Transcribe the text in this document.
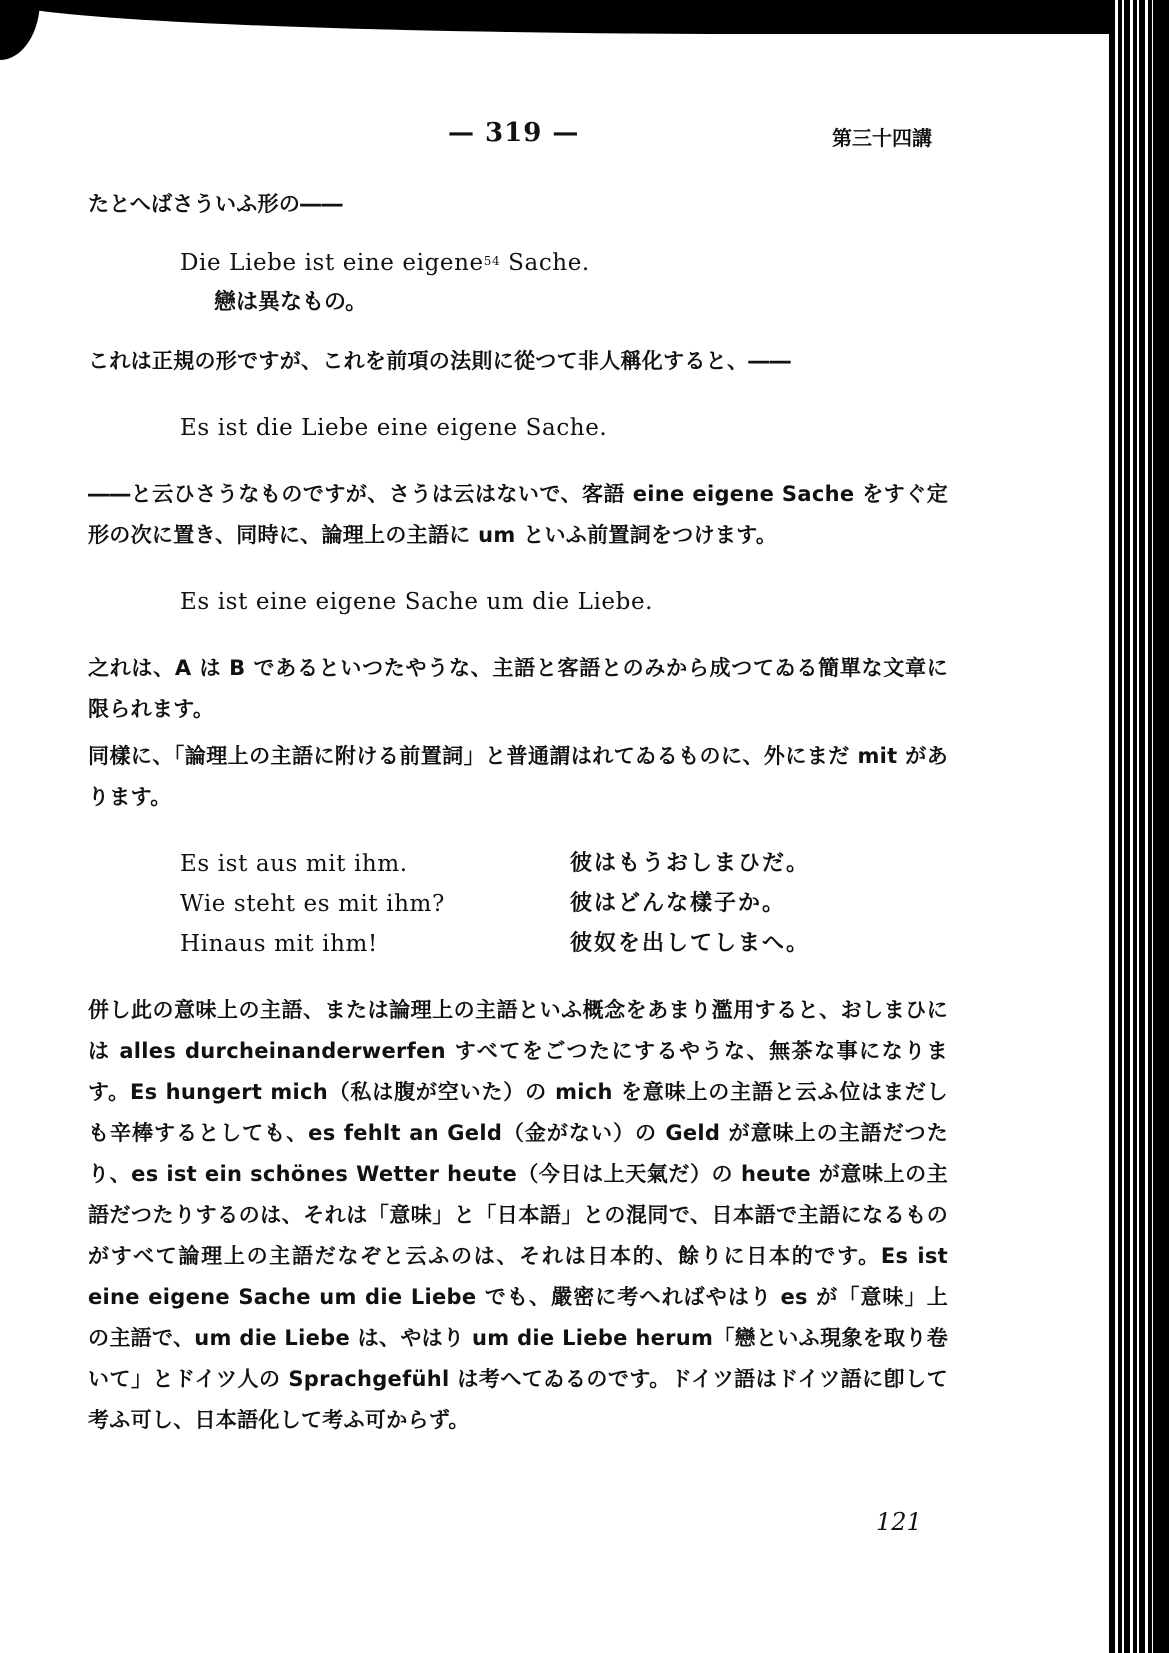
— 319 —	第三十四講

たとへばさういふ形の――

Die Liebe ist eine eigene$^{54}$ Sache.

戀は異なもの。

これは正規の形ですが、これを前項の法則に從つて非人稱化すると、――

Es ist die Liebe eine eigene Sache.

――と云ひさうなものですが、さうは云はないで、客語 eine eigene Sache をすぐ定形の次に置き、同時に、論理上の主語に um といふ前置詞をつけます。

Es ist eine eigene Sache um die Liebe.

之れは、A は B であるといつたやうな、主語と客語とのみから成つてゐる簡單な文章に限られます。

同樣に、「論理上の主語に附ける前置詞」と普通謂はれてゐるものに、外にまだ mit があります。

Es ist aus mit ihm.	彼はもうおしまひだ。
Wie steht es mit ihm?	彼はどんな樣子か。
Hinaus mit ihm!	彼奴を出してしまへ。

併し此の意味上の主語、または論理上の主語といふ概念をあまり濫用すると、おしまひには alles durcheinanderwerfen すべてをごつたにするやうな、無茶な事になります。Es hungert mich（私は腹が空いた）の mich を意味上の主語と云ふ位はまだしも辛棒するとしても、es fehlt an Geld（金がない）の Geld が意味上の主語だつたり、es ist ein schönes Wetter heute（今日は上天氣だ）の heute が意味上の主語だつたりするのは、それは「意味」と「日本語」との混同で、日本語で主語になるものがすべて論理上の主語だなぞと云ふのは、それは日本的、餘りに日本的です。Es ist eine eigene Sache um die Liebe でも、嚴密に考へればやはり es が「意味」上の主語で、um die Liebe は、やはり um die Liebe herum「戀といふ現象を取り卷いて」とドイツ人の Sprachgefühl は考へてゐるのです。ドイツ語はドイツ語に卽して考ふ可し、日本語化して考ふ可からず。

121
